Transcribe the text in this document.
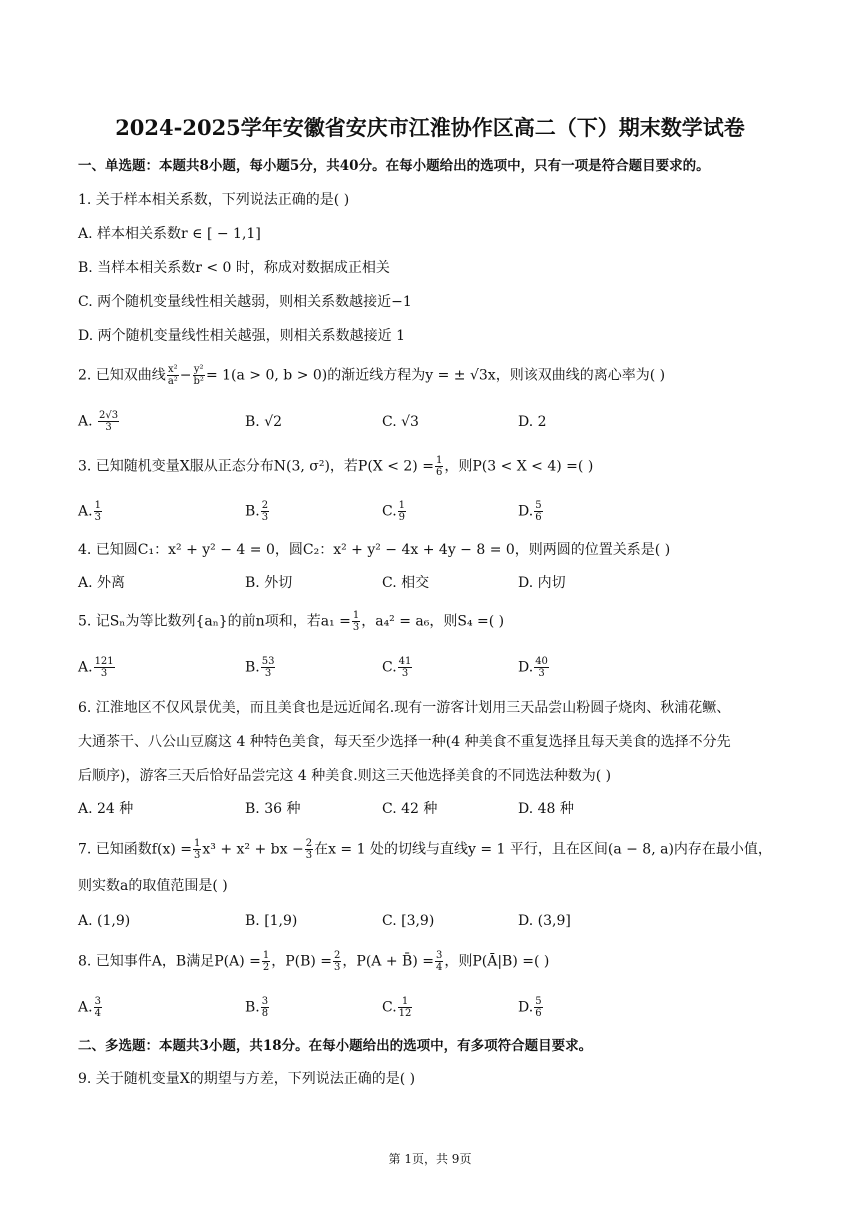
2024-2025学年安徽省安庆市江淮协作区高二（下）期末数学试卷
一、单选题：本题共8小题，每小题5分，共40分。在每小题给出的选项中，只有一项是符合题目要求的。
1. 关于样本相关系数，下列说法正确的是( )
A. 样本相关系数r ∈ [ − 1,1]
B. 当样本相关系数r < 0 时，称成对数据成正相关
C. 两个随机变量线性相关越弱，则相关系数越接近−1
D. 两个随机变量线性相关越强，则相关系数越接近 1
2. 已知双曲线 $\frac{\text{x²}}{\text{a²}} - \frac{\text{y²}}{\text{b²}} = 1(a > 0$, b > 0)的渐近线方程为y = ± √3x，则该双曲线的离心率为( )
A. $\frac{2√3}{3}$	B. √2	C. √3	D. 2
3. 已知随机变量X服从正态分布N(3, σ²)，若$P(X < 2) = \frac{1}{6}$ ，则P(3 < X < 4) =( )
A. $\frac{1}{3}$	B. $\frac{2}{3}$	C. $\frac{1}{9}$	D. $\frac{5}{6}$
4. 已知圆C₁：x² + y² − 4 = 0，圆C₂：x² + y² − 4x + 4y − 8 = 0，则两圆的位置关系是( )
A. 外离	B. 外切	C. 相交	D. 内切
5. 记Sₙ为等比数列{aₙ}的前n项和，若$a_1 = \frac{1}{3}$ ，a₄² = a₆，则S₄ =( )
A. $\frac{121}{3}$	B. $\frac{53}{3}$	C. $\frac{41}{3}$	D. $\frac{40}{3}$
6. 江淮地区不仅风景优美，而且美食也是远近闻名.现有一游客计划用三天品尝山粉圆子烧肉、秋浦花鳜、
大通茶干、八公山豆腐这 4 种特色美食，每天至少选择一种(4 种美食不重复选择且每天美食的选择不分先
后顺序)，游客三天后恰好品尝完这 4 种美食.则这三天他选择美食的不同选法种数为( )
A. 24 种	B. 36 种	C. 42 种	D. 48 种
7. 已知函数$f(x) = \frac{1}{3} x^3 + x^2$ + bx − $\frac{2}{3}$ 在x = 1 处的切线与直线y = 1 平行，且在区间(a − 8, a)内存在最小值，
则实数a的取值范围是( )
A. (1,9)	B. [1,9)	C. [3,9)	D. (3,9]
8. 已知事件A，B满足$P(A) = \frac{1}{2}$ ，$P(B) = \frac{2}{3}$ ，P(A + B̄) = $\frac{3}{4}$ ，则P(Ā|B) =( )
A. $\frac{3}{4}$	B. $\frac{3}{8}$	C. $\frac{1}{12}$	D. $\frac{5}{6}$
二、多选题：本题共3小题，共18分。在每小题给出的选项中，有多项符合题目要求。
9. 关于随机变量X的期望与方差，下列说法正确的是( )
第 1页，共 9页
